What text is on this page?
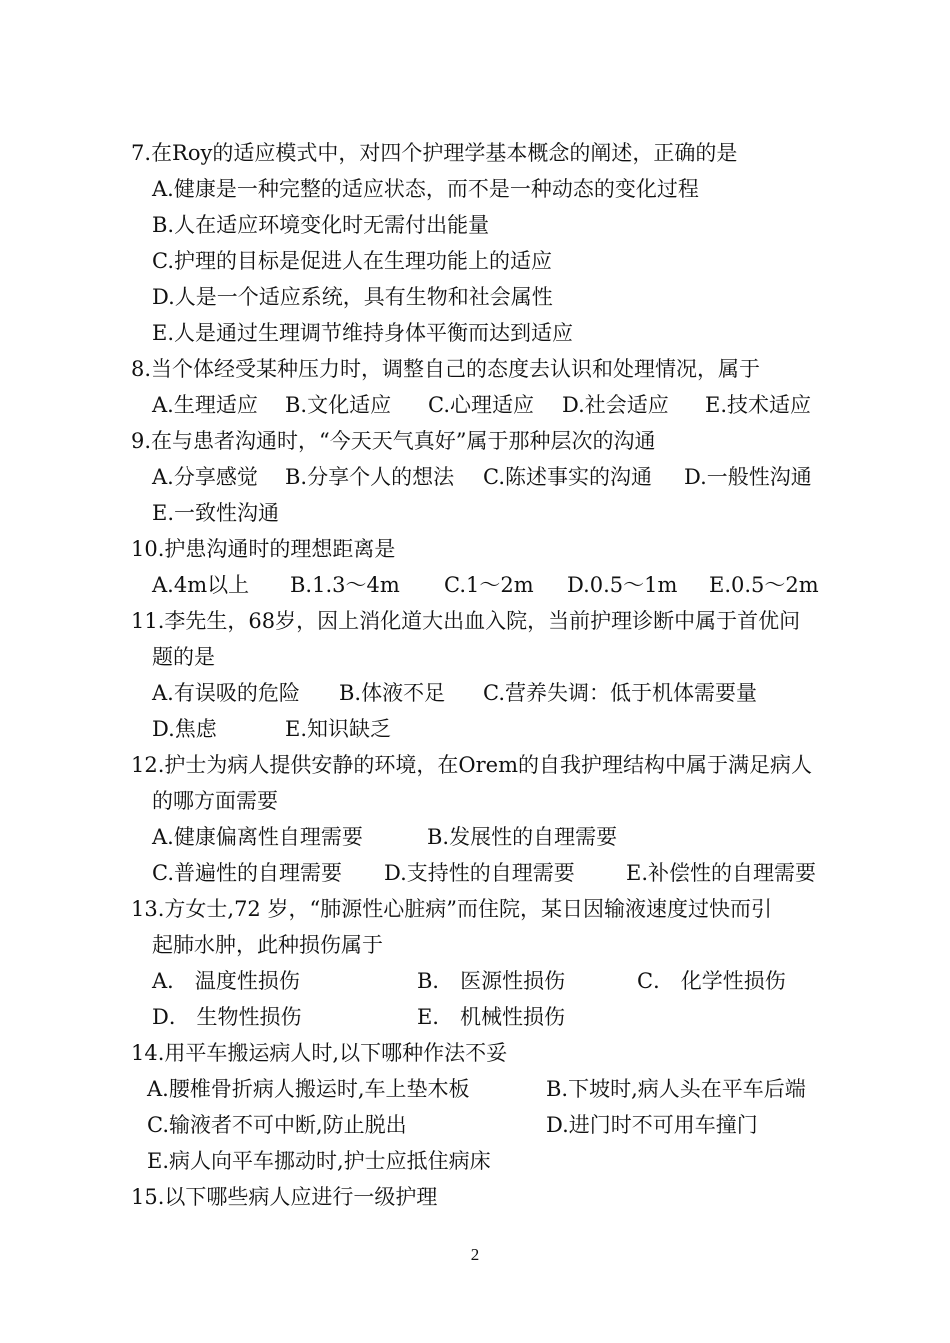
7.在Roy的适应模式中，对四个护理学基本概念的阐述，正确的是
A.健康是一种完整的适应状态，而不是一种动态的变化过程
B.人在适应环境变化时无需付出能量
C.护理的目标是促进人在生理功能上的适应
D.人是一个适应系统，具有生物和社会属性
E.人是通过生理调节维持身体平衡而达到适应
8.当个体经受某种压力时，调整自己的态度去认识和处理情况，属于
A.生理适应 B.文化适应 C.心理适应 D.社会适应 E.技术适应
9.在与患者沟通时，“今天天气真好”属于那种层次的沟通
A.分享感觉 B.分享个人的想法 C.陈述事实的沟通 D.一般性沟通
E.一致性沟通
10.护患沟通时的理想距离是
A.4m以上 B.1.3～4m C.1～2m D.0.5～1m E.0.5～2m
11.李先生，68岁，因上消化道大出血入院，当前护理诊断中属于首优问
题的是
A.有误吸的危险 B.体液不足 C.营养失调：低于机体需要量
D.焦虑	E.知识缺乏
12.护士为病人提供安静的环境，在Orem的自我护理结构中属于满足病人
的哪方面需要
A.健康偏离性自理需要	B.发展性的自理需要
C.普遍性的自理需要 D.支持性的自理需要 E.补偿性的自理需要
13.方女士,72 岁，“肺源性心脏病”而住院，某日因输液速度过快而引
起肺水肿，此种损伤属于
A． 温度性损伤	B． 医源性损伤	C． 化学性损伤
D． 生物性损伤	E． 机械性损伤
14.用平车搬运病人时,以下哪种作法不妥
A.腰椎骨折病人搬运时,车上垫木板	B.下坡时,病人头在平车后端
C.输液者不可中断,防止脱出	D.进门时不可用车撞门
E.病人向平车挪动时,护士应抵住病床
15.以下哪些病人应进行一级护理
2
